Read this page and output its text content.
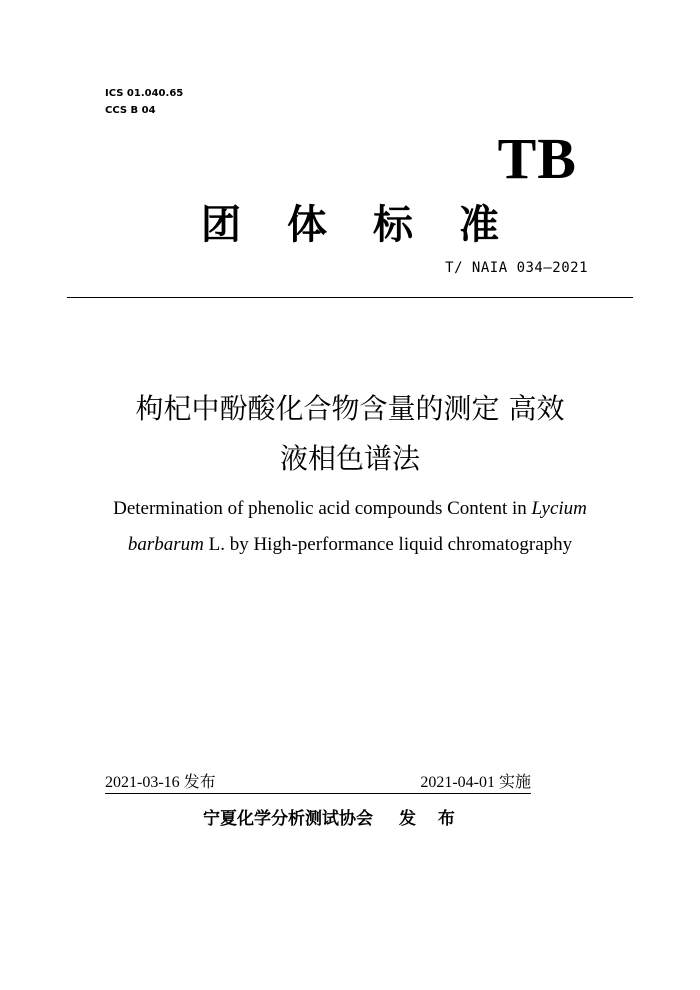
ICS 01.040.65
CCS B 04
TB
团 体 标 准
T/ NAIA 034—2021
枸杞中酚酸化合物含量的测定 高效
液相色谱法
Determination of phenolic acid compounds Content in Lycium
barbarum L. by High-performance liquid chromatography
2021-03-16 发布	2021-04-01 实施
宁夏化学分析测试协会 发 布
